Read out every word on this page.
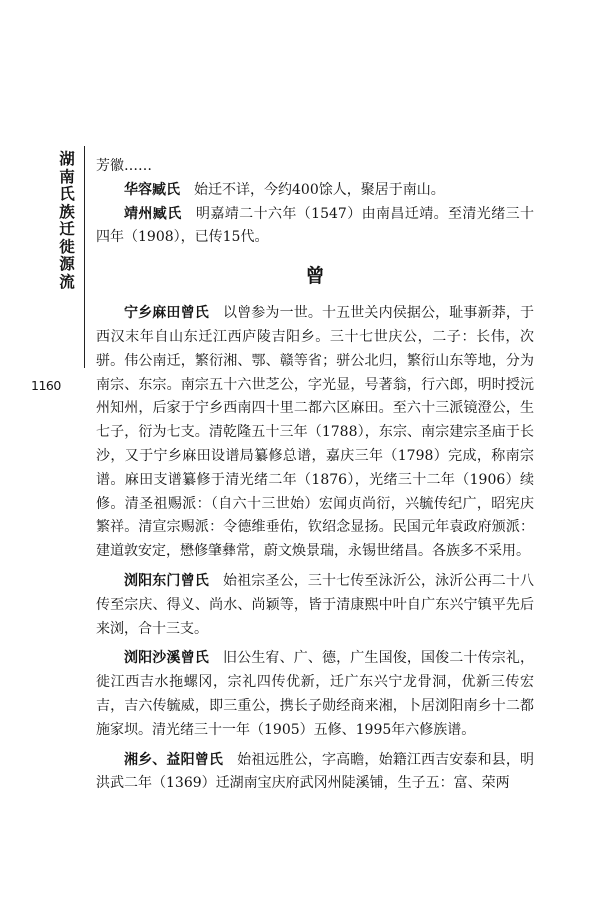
湖
南
氏
族
迁
徙
源
流
1160

芳徽……

华容臧氏  始迁不详，今约400馀人，聚居于南山。

靖州臧氏  明嘉靖二十六年（1547）由南昌迁靖。至清光绪三十四年（1908），已传15代。

曾

宁乡麻田曾氏  以曾参为一世。十五世关内侯据公，耻事新莽，于西汉末年自山东迁江西庐陵吉阳乡。三十七世庆公，二子：长伟，次骈。伟公南迁，繁衍湘、鄂、赣等省；骈公北归，繁衍山东等地，分为南宗、东宗。南宗五十六世芝公，字光显，号著翁，行六郎，明时授沅州知州，后家于宁乡西南四十里二都六区麻田。至六十三派镜澄公，生七子，衍为七支。清乾隆五十三年（1788），东宗、南宗建宗圣庙于长沙，又于宁乡麻田设谱局纂修总谱，嘉庆三年（1798）完成，称南宗谱。麻田支谱纂修于清光绪二年（1876），光绪三十二年（1906）续修。清圣祖赐派：（自六十三世始）宏闻贞尚衍，兴毓传纪广，昭宪庆繁祥。清宣宗赐派：令德维垂佑，钦绍念显扬。民国元年袁政府颁派：建道敦安定，懋修肇彝常，蔚文焕景瑞，永锡世绪昌。各族多不采用。

浏阳东门曾氏  始祖宗圣公，三十七传至泳沂公，泳沂公再二十八传至宗庆、得义、尚水、尚颖等，皆于清康熙中叶自广东兴宁镇平先后来浏，合十三支。

浏阳沙溪曾氏  旧公生宥、广、德，广生国俊，国俊二十传宗礼，徙江西吉水拖螺冈，宗礼四传优新，迁广东兴宁龙骨洞，优新三传宏吉，吉六传毓威，即三重公，携长子勋经商来湘，卜居浏阳南乡十二都施家坝。清光绪三十一年（1905）五修、1995年六修族谱。

湘乡、益阳曾氏  始祖远胜公，字高瞻，始籍江西吉安泰和县，明洪武二年（1369）迁湖南宝庆府武冈州陡溪铺，生子五：富、荣两
